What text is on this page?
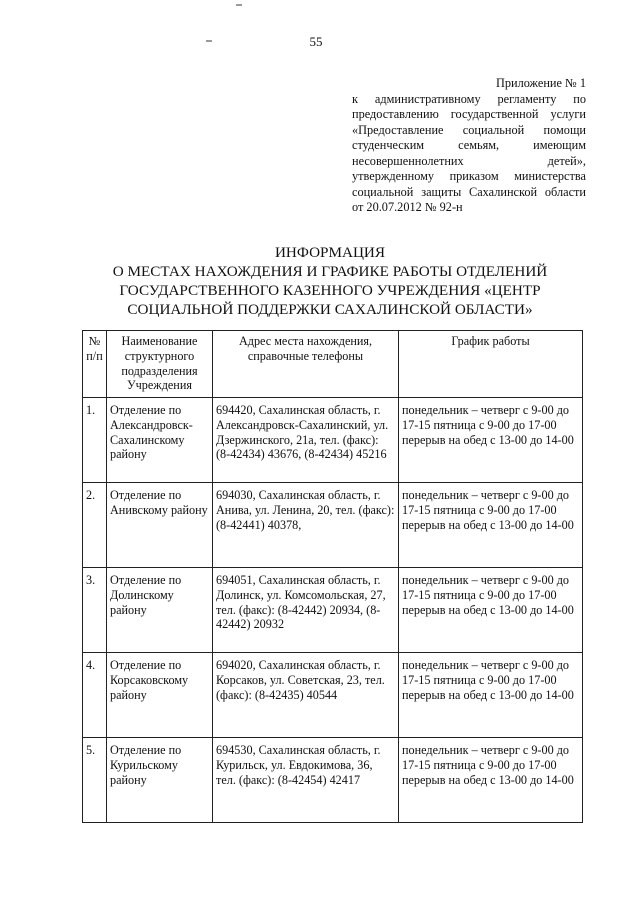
55
Приложение № 1
к административному регламенту по
предоставлению государственной услуги
«Предоставление социальной помощи
студенческим семьям, имеющим
несовершеннолетних детей»,
утвержденному приказом министерства
социальной защиты Сахалинской области
от 20.07.2012 № 92-н
ИНФОРМАЦИЯ
О МЕСТАХ НАХОЖДЕНИЯ И ГРАФИКЕ РАБОТЫ ОТДЕЛЕНИЙ
ГОСУДАРСТВЕННОГО КАЗЕННОГО УЧРЕЖДЕНИЯ «ЦЕНТР
СОЦИАЛЬНОЙ ПОДДЕРЖКИ САХАЛИНСКОЙ ОБЛАСТИ»
№ п/п	Наименование структурного подразделения Учреждения	Адрес места нахождения, справочные телефоны	График работы
1.	Отделение по Александровск-Сахалинскому району	694420, Сахалинская область, г. Александровск-Сахалинский, ул. Дзержинского, 21а, тел. (факс): (8-42434) 43676, (8-42434) 45216	понедельник – четверг с 9-00 до 17-15 пятница с 9-00 до 17-00 перерыв на обед с 13-00 до 14-00
2.	Отделение по Анивскому району	694030, Сахалинская область, г. Анива, ул. Ленина, 20, тел. (факс): (8-42441) 40378,	понедельник – четверг с 9-00 до 17-15 пятница с 9-00 до 17-00 перерыв на обед с 13-00 до 14-00
3.	Отделение по Долинскому району	694051, Сахалинская область, г. Долинск, ул. Комсомольская, 27, тел. (факс): (8-42442) 20934, (8-42442) 20932	понедельник – четверг с 9-00 до 17-15 пятница с 9-00 до 17-00 перерыв на обед с 13-00 до 14-00
4.	Отделение по Корсаковскому району	694020, Сахалинская область, г. Корсаков, ул. Советская, 23, тел. (факс): (8-42435) 40544	понедельник – четверг с 9-00 до 17-15 пятница с 9-00 до 17-00 перерыв на обед с 13-00 до 14-00
5.	Отделение по Курильскому району	694530, Сахалинская область, г. Курильск, ул. Евдокимова, 36, тел. (факс): (8-42454) 42417	понедельник – четверг с 9-00 до 17-15 пятница с 9-00 до 17-00 перерыв на обед с 13-00 до 14-00
